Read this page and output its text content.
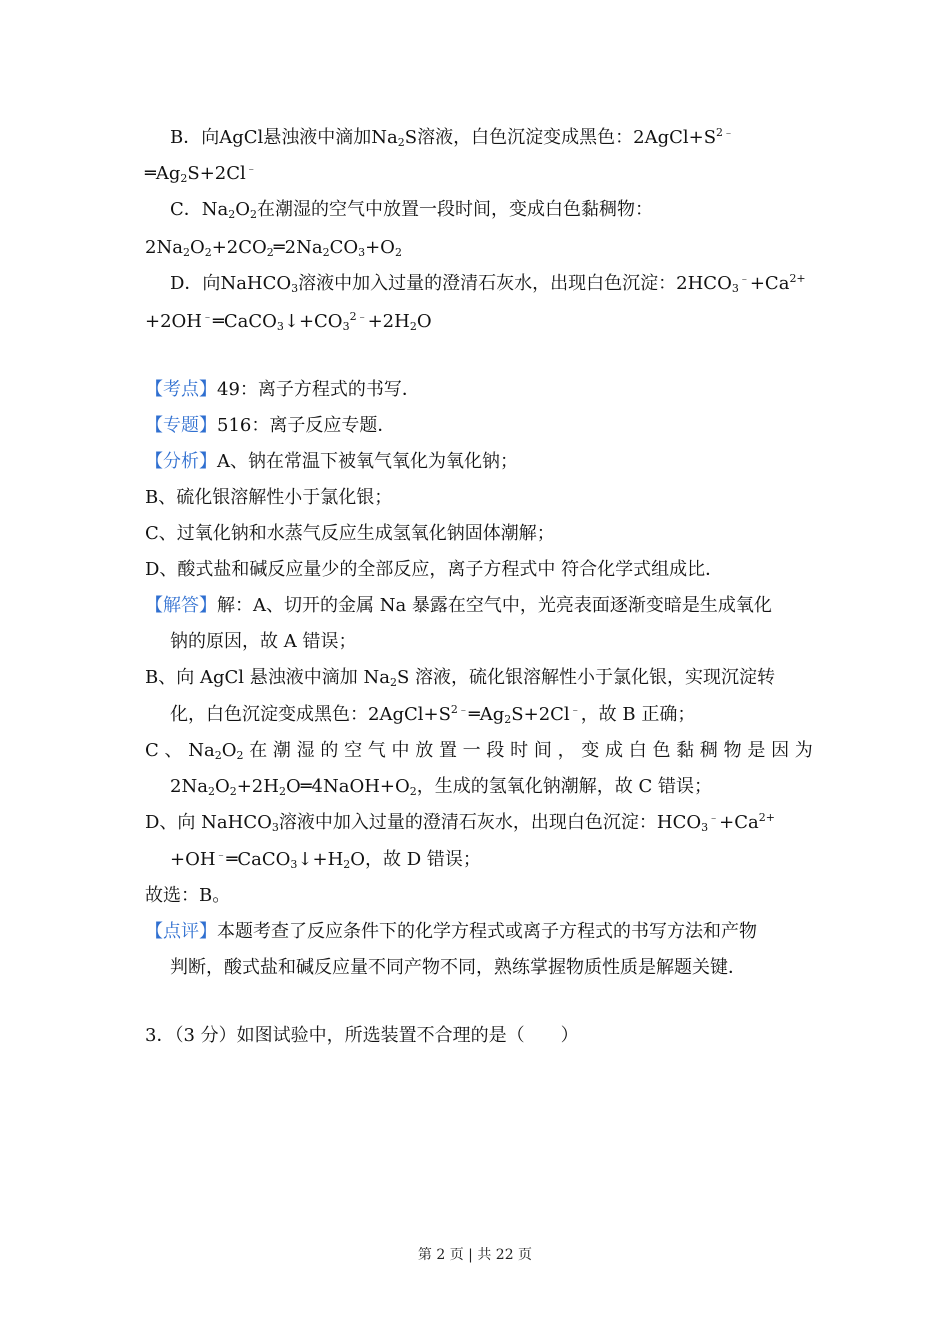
B．向AgCl悬浊液中滴加$Na_2S$溶液，白色沉淀变成黑色：$2AgCl+S^{2﹣}$
$═Ag_2S+2Cl^﹣$
C．$Na_2O_2$在潮湿的空气中放置一段时间，变成白色黏稠物：
$2Na_2O_2+2CO_2═2Na_2CO_3+O_2$
D．向NaHCO$_3$溶液中加入过量的澄清石灰水，出现白色沉淀：$2HCO_3^﹣+Ca^{2+}$
$+2OH^﹣═CaCO_3↓+CO_3^{2﹣}+2H_2O$
【考点】49：离子方程式的书写．
【专题】516：离子反应专题．
【分析】A、钠在常温下被氧气氧化为氧化钠；
B、硫化银溶解性小于氯化银；
C、过氧化钠和水蒸气反应生成氢氧化钠固体潮解；
D、酸式盐和碱反应量少的全部反应，离子方程式中 符合化学式组成比．
【解答】解：A、切开的金属 Na 暴露在空气中，光亮表面逐渐变暗是生成氧化
钠的原因，故 A 错误；
B、向 AgCl 悬浊液中滴加 $Na_2S$ 溶液，硫化银溶解性小于氯化银，实现沉淀转
化，白色沉淀变成黑色：$2AgCl+S^{2﹣}═Ag_2S+2Cl^﹣$，故 B 正确；
C 、 $Na_2O_2$ 在 潮 湿 的 空 气 中 放 置 一 段 时 间 ， 变 成 白 色 黏 稠 物 是 因 为
$2Na_2O_2+2H_2O═4NaOH+O_2$，生成的氢氧化钠潮解，故 C 错误；
D、向 NaHCO$_3$溶液中加入过量的澄清石灰水，出现白色沉淀：$HCO_3^﹣+Ca^{2+}$
$+OH^﹣═CaCO_3↓+H_2O$，故 D 错误；
故选：B。
【点评】本题考查了反应条件下的化学方程式或离子方程式的书写方法和产物
判断，酸式盐和碱反应量不同产物不同，熟练掌握物质性质是解题关键．
3．（3 分）如图试验中，所选装置不合理的是（　　）
第 2 页 | 共 22 页
